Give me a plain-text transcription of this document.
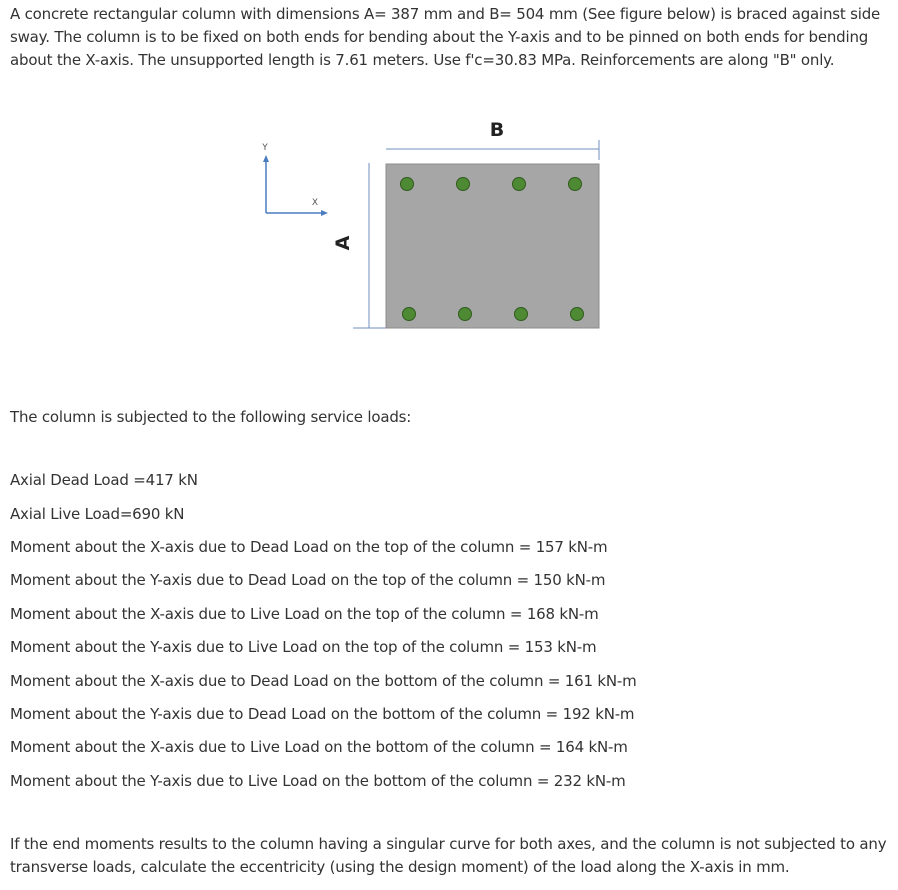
A concrete rectangular column with dimensions A= 387 mm and B= 504 mm (See figure below) is braced against side sway. The column is to be fixed on both ends for bending about the Y-axis and to be pinned on both ends for bending about the X-axis. The unsupported length is 7.61 meters. Use f'c=30.83 MPa. Reinforcements are along "B" only.

Y
X
B
A

The column is subjected to the following service loads:

Axial Dead Load =417 kN

Axial Live Load=690 kN

Moment about the X-axis due to Dead Load on the top of the column = 157 kN-m

Moment about the Y-axis due to Dead Load on the top of the column = 150 kN-m

Moment about the X-axis due to Live Load on the top of the column = 168 kN-m

Moment about the Y-axis due to Live Load on the top of the column = 153 kN-m

Moment about the X-axis due to Dead Load on the bottom of the column = 161 kN-m

Moment about the Y-axis due to Dead Load on the bottom of the column = 192 kN-m

Moment about the X-axis due to Live Load on the bottom of the column = 164 kN-m

Moment about the Y-axis due to Live Load on the bottom of the column = 232 kN-m

If the end moments results to the column having a singular curve for both axes, and the column is not subjected to any transverse loads, calculate the eccentricity (using the design moment) of the load along the X-axis in mm.
